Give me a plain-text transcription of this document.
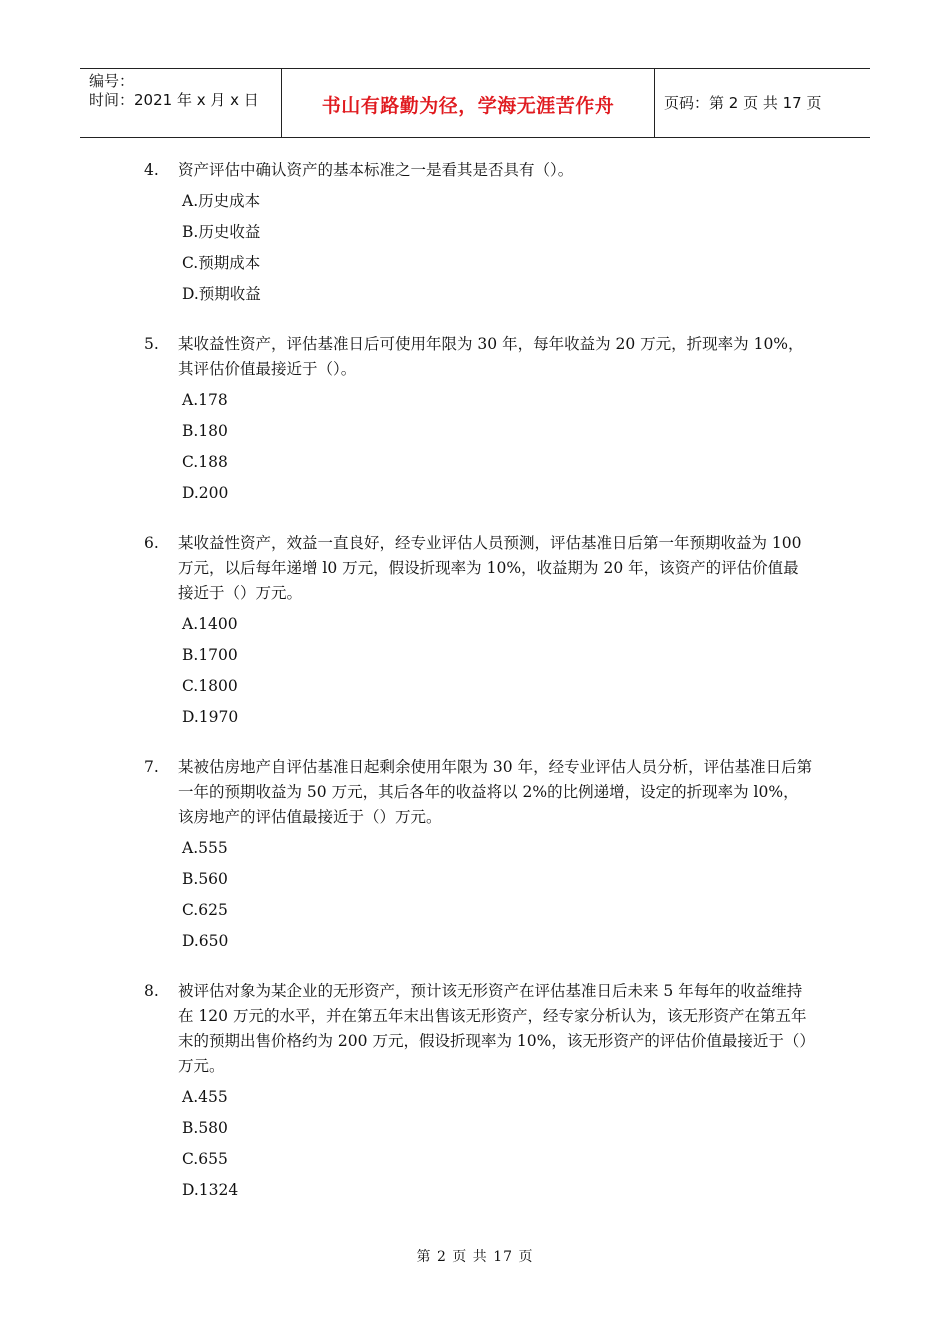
编号：
时间：2021 年 x 月 x 日	书山有路勤为径，学海无涯苦作舟	页码：第 2 页 共 17 页
4.	资产评估中确认资产的基本标准之一是看其是否具有（）。
A.历史成本
B.历史收益
C.预期成本
D.预期收益
5.	某收益性资产，评估基准日后可使用年限为 30 年，每年收益为 20 万元，折现率为 10%，其评估价值最接近于（）。
A.178
B.180
C.188
D.200
6.	某收益性资产，效益一直良好，经专业评估人员预测，评估基准日后第一年预期收益为 100 万元，以后每年递增 l0 万元，假设折现率为 10%，收益期为 20 年，该资产的评估价值最接近于（）万元。
A.1400
B.1700
C.1800
D.1970
7.	某被估房地产自评估基准日起剩余使用年限为 30 年，经专业评估人员分析，评估基准日后第一年的预期收益为 50 万元，其后各年的收益将以 2%的比例递增，设定的折现率为 l0%，该房地产的评估值最接近于（）万元。
A.555
B.560
C.625
D.650
8.	被评估对象为某企业的无形资产，预计该无形资产在评估基准日后未来 5 年每年的收益维持在 120 万元的水平，并在第五年末出售该无形资产，经专家分析认为，该无形资产在第五年末的预期出售价格约为 200 万元，假设折现率为 10%，该无形资产的评估价值最接近于（）万元。
A.455
B.580
C.655
D.1324
第 2 页 共 17 页
